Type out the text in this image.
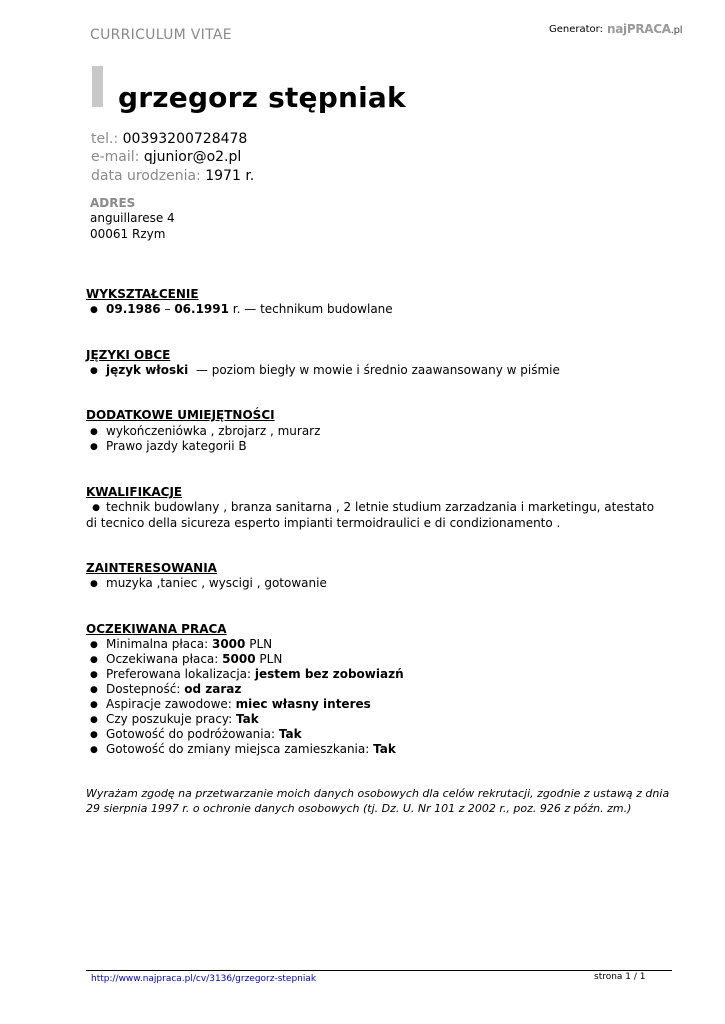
CURRICULUM VITAE	Generator: najPRACA.pl
grzegorz stępniak
tel.: 00393200728478
e-mail: qjunior@o2.pl
data urodzenia: 1971 r.
ADRES
anguillarese 4
00061 Rzym
WYKSZTAŁCENIE
● 09.1986 – 06.1991 r. — technikum budowlane
JĘZYKI OBCE
● język włoski — poziom biegły w mowie i średnio zaawansowany w piśmie
DODATKOWE UMIEJĘTNOŚCI
● wykończeniówka , zbrojarz , murarz
● Prawo jazdy kategorii B
KWALIFIKACJE
● technik budowlany , branza sanitarna , 2 letnie studium zarzadzania i marketingu, atestato
di tecnico della sicureza esperto impianti termoidraulici e di condizionamento .
ZAINTERESOWANIA
● muzyka ,taniec , wyscigi , gotowanie
OCZEKIWANA PRACA
● Minimalna płaca: 3000 PLN
● Oczekiwana płaca: 5000 PLN
● Preferowana lokalizacja: jestem bez zobowiazń
● Dostepność: od zaraz
● Aspiracje zawodowe: miec własny interes
● Czy poszukuje pracy: Tak
● Gotowość do podróżowania: Tak
● Gotowość do zmiany miejsca zamieszkania: Tak
Wyrażam zgodę na przetwarzanie moich danych osobowych dla celów rekrutacji, zgodnie z ustawą z dnia
29 sierpnia 1997 r. o ochronie danych osobowych (tj. Dz. U. Nr 101 z 2002 r., poz. 926 z późn. zm.)
http://www.najpraca.pl/cv/3136/grzegorz-stepniak	strona 1 / 1
